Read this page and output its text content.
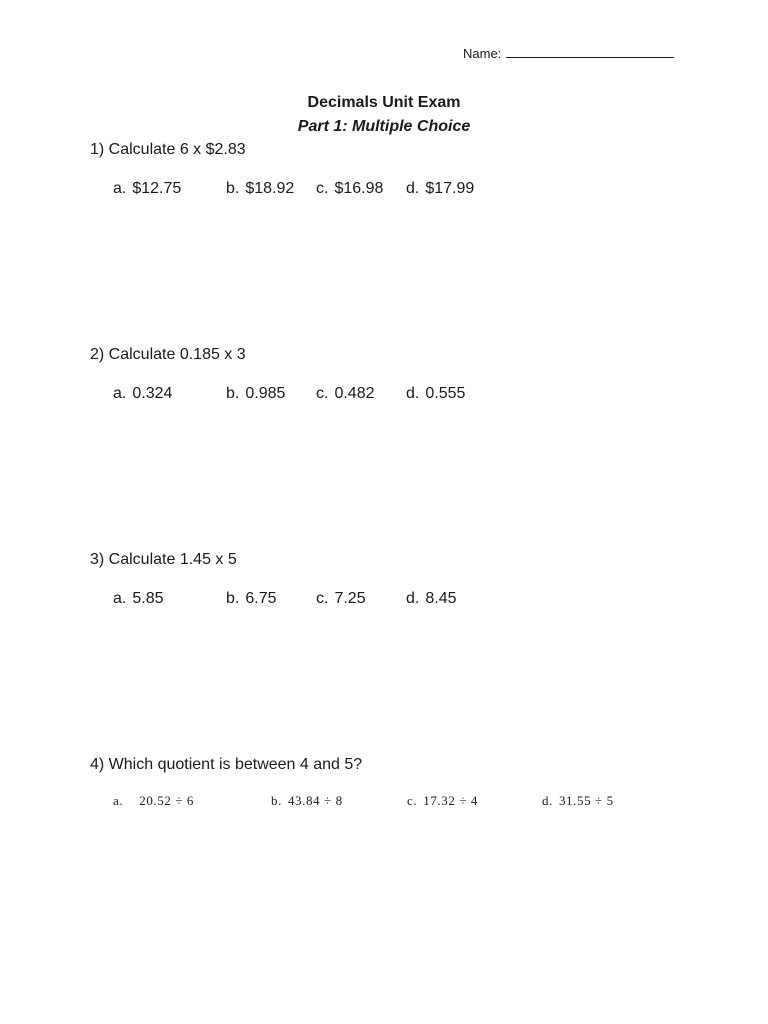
Name:
Decimals Unit Exam
Part 1: Multiple Choice
1) Calculate 6 x $2.83
a. $12.75	b. $18.92 c. $16.98 d. $17.99
2) Calculate 0.185 x 3
a. 0.324	b. 0.985 c. 0.482 d. 0.555
3) Calculate 1.45 x 5
a. 5.85	b. 6.75 c. 7.25	d. 8.45
4) Which quotient is between 4 and 5?
a. 20.52 ÷ 6	b. 43.84 ÷ 8	c. 17.32 ÷ 4	d. 31.55 ÷ 5
